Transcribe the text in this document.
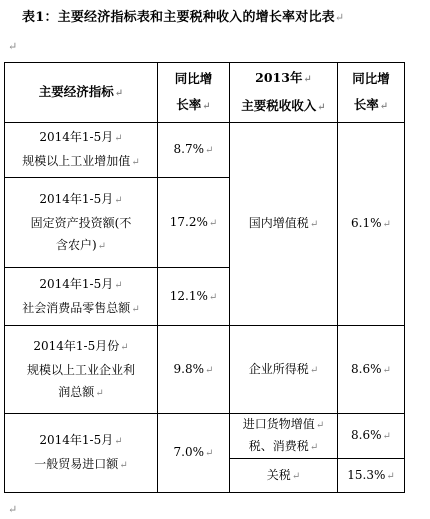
表1：主要经济指标表和主要税种收入的增长率对比表↵
↵
主要经济指标↵	同比增
长率↵	2013年↵
主要税收收入↵	同比增
长率↵
2014年1-5月↵
规模以上工业增加值↵	8.7%↵	国内增值税↵	6.1%↵
2014年1-5月↵
固定资产投资额(不
含农户)↵	17.2%↵		
2014年1-5月↵
社会消费品零售总额↵	12.1%↵		
2014年1-5月份↵
规模以上工业企业利
润总额↵	9.8%↵	企业所得税↵	8.6%↵
2014年1-5月↵
一般贸易进口额↵	7.0%↵	进口货物增值↵
税、消费税↵	8.6%↵
		关税↵	15.3%↵
↵
